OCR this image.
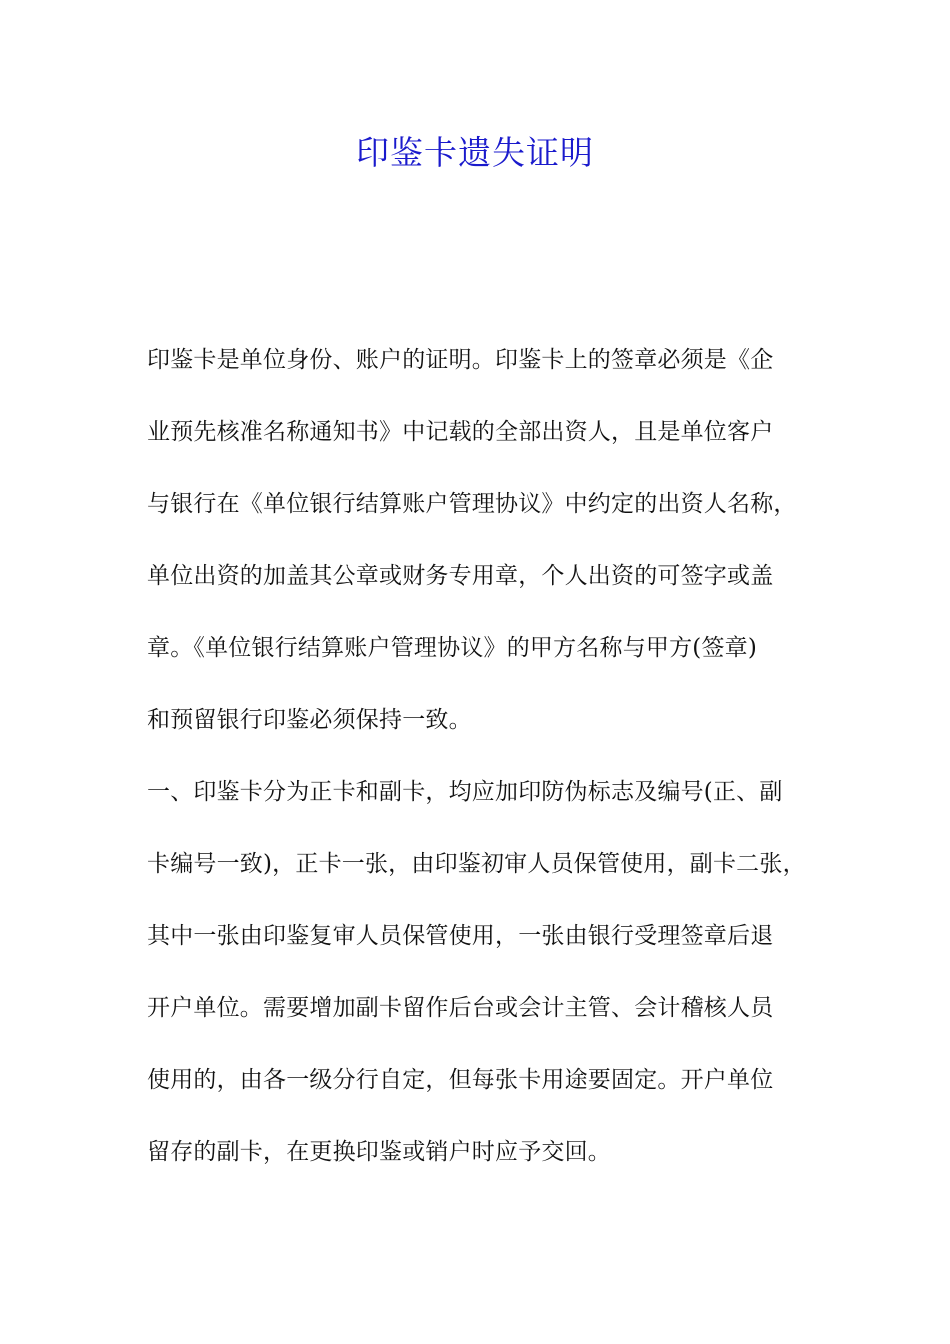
印鉴卡遗失证明
印鉴卡是单位身份、账户的证明。印鉴卡上的签章必须是《企
业预先核准名称通知书》中记载的全部出资人，且是单位客户
与银行在《单位银行结算账户管理协议》中约定的出资人名称，
单位出资的加盖其公章或财务专用章，个人出资的可签字或盖
章。《单位银行结算账户管理协议》的甲方名称与甲方(签章)
和预留银行印鉴必须保持一致。
一、印鉴卡分为正卡和副卡，均应加印防伪标志及编号(正、副
卡编号一致)，正卡一张，由印鉴初审人员保管使用，副卡二张，
其中一张由印鉴复审人员保管使用，一张由银行受理签章后退
开户单位。需要增加副卡留作后台或会计主管、会计稽核人员
使用的，由各一级分行自定，但每张卡用途要固定。开户单位
留存的副卡，在更换印鉴或销户时应予交回。
